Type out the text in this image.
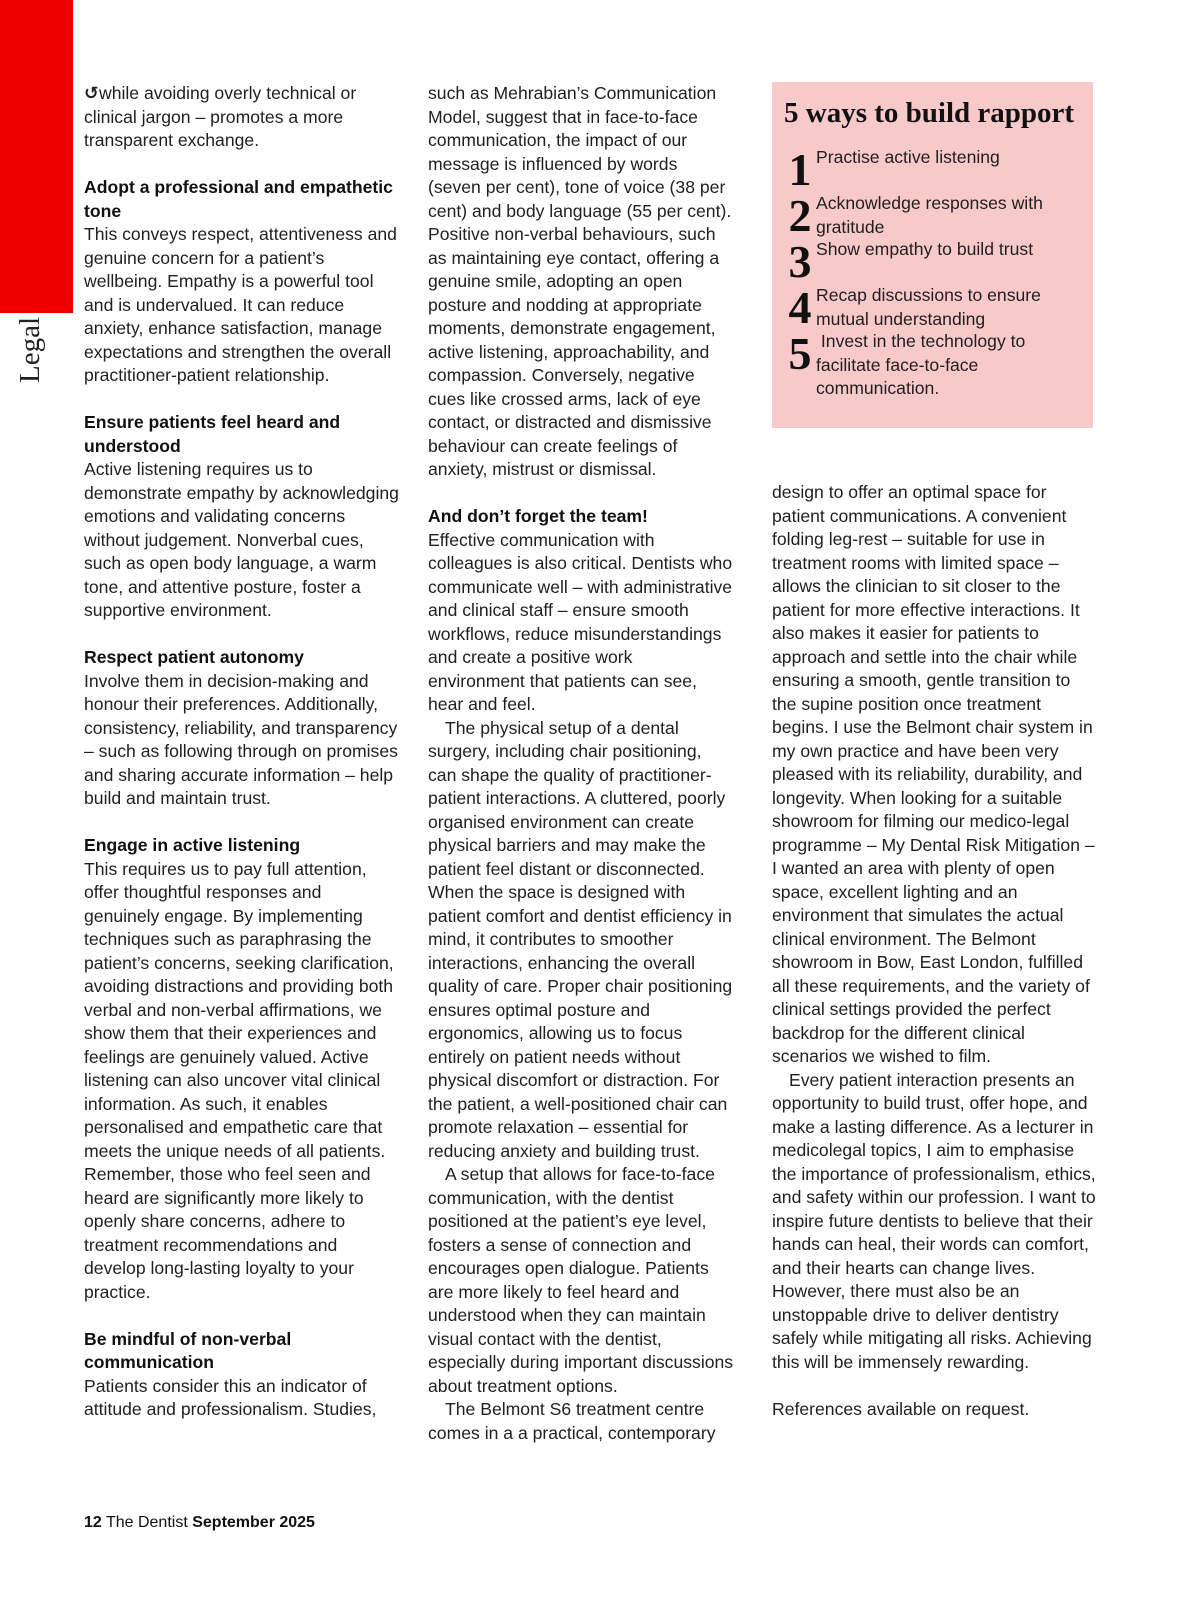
Legal

↺while avoiding overly technical or clinical jargon – promotes a more transparent exchange.

Adopt a professional and empathetic tone

This conveys respect, attentiveness and genuine concern for a patient’s wellbeing. Empathy is a powerful tool and is undervalued. It can reduce anxiety, enhance satisfaction, manage expectations and strengthen the overall practitioner-patient relationship.

Ensure patients feel heard and understood

Active listening requires us to demonstrate empathy by acknowledging emotions and validating concerns without judgement. Nonverbal cues, such as open body language, a warm tone, and attentive posture, foster a supportive environment.

Respect patient autonomy

Involve them in decision-making and honour their preferences. Additionally, consistency, reliability, and transparency – such as following through on promises and sharing accurate information – help build and maintain trust.

Engage in active listening

This requires us to pay full attention, offer thoughtful responses and genuinely engage. By implementing techniques such as paraphrasing the patient’s concerns, seeking clarification, avoiding distractions and providing both verbal and non-verbal affirmations, we show them that their experiences and feelings are genuinely valued. Active listening can also uncover vital clinical information. As such, it enables personalised and empathetic care that meets the unique needs of all patients. Remember, those who feel seen and heard are significantly more likely to openly share concerns, adhere to treatment recommendations and develop long-lasting loyalty to your practice.

Be mindful of non-verbal communication

Patients consider this an indicator of attitude and professionalism. Studies,

such as Mehrabian’s Communication Model, suggest that in face-to-face communication, the impact of our message is influenced by words (seven per cent), tone of voice (38 per cent) and body language (55 per cent). Positive non-verbal behaviours, such as maintaining eye contact, offering a genuine smile, adopting an open posture and nodding at appropriate moments, demonstrate engagement, active listening, approachability, and compassion. Conversely, negative cues like crossed arms, lack of eye contact, or distracted and dismissive behaviour can create feelings of anxiety, mistrust or dismissal.

And don’t forget the team!

Effective communication with colleagues is also critical. Dentists who communicate well – with administrative and clinical staff – ensure smooth workflows, reduce misunderstandings and create a positive work environment that patients can see, hear and feel.

The physical setup of a dental surgery, including chair positioning, can shape the quality of practitioner-patient interactions. A cluttered, poorly organised environment can create physical barriers and may make the patient feel distant or disconnected. When the space is designed with patient comfort and dentist efficiency in mind, it contributes to smoother interactions, enhancing the overall quality of care. Proper chair positioning ensures optimal posture and ergonomics, allowing us to focus entirely on patient needs without physical discomfort or distraction. For the patient, a well-positioned chair can promote relaxation – essential for reducing anxiety and building trust.

A setup that allows for face-to-face communication, with the dentist positioned at the patient’s eye level, fosters a sense of connection and encourages open dialogue. Patients are more likely to feel heard and understood when they can maintain visual contact with the dentist, especially during important discussions about treatment options.

The Belmont S6 treatment centre comes in a a practical, contemporary

5 ways to build rapport
1 Practise active listening
2 Acknowledge responses with gratitude
3 Show empathy to build trust
4 Recap discussions to ensure mutual understanding
5 Invest in the technology to facilitate face-to-face communication.

design to offer an optimal space for patient communications. A convenient folding leg-rest – suitable for use in treatment rooms with limited space – allows the clinician to sit closer to the patient for more effective interactions. It also makes it easier for patients to approach and settle into the chair while ensuring a smooth, gentle transition to the supine position once treatment begins. I use the Belmont chair system in my own practice and have been very pleased with its reliability, durability, and longevity. When looking for a suitable showroom for filming our medico-legal programme – My Dental Risk Mitigation – I wanted an area with plenty of open space, excellent lighting and an environment that simulates the actual clinical environment. The Belmont showroom in Bow, East London, fulfilled all these requirements, and the variety of clinical settings provided the perfect backdrop for the different clinical scenarios we wished to film.

Every patient interaction presents an opportunity to build trust, offer hope, and make a lasting difference. As a lecturer in medicolegal topics, I aim to emphasise the importance of professionalism, ethics, and safety within our profession. I want to inspire future dentists to believe that their hands can heal, their words can comfort, and their hearts can change lives. However, there must also be an unstoppable drive to deliver dentistry safely while mitigating all risks. Achieving this will be immensely rewarding.

References available on request.

12 The Dentist September 2025
